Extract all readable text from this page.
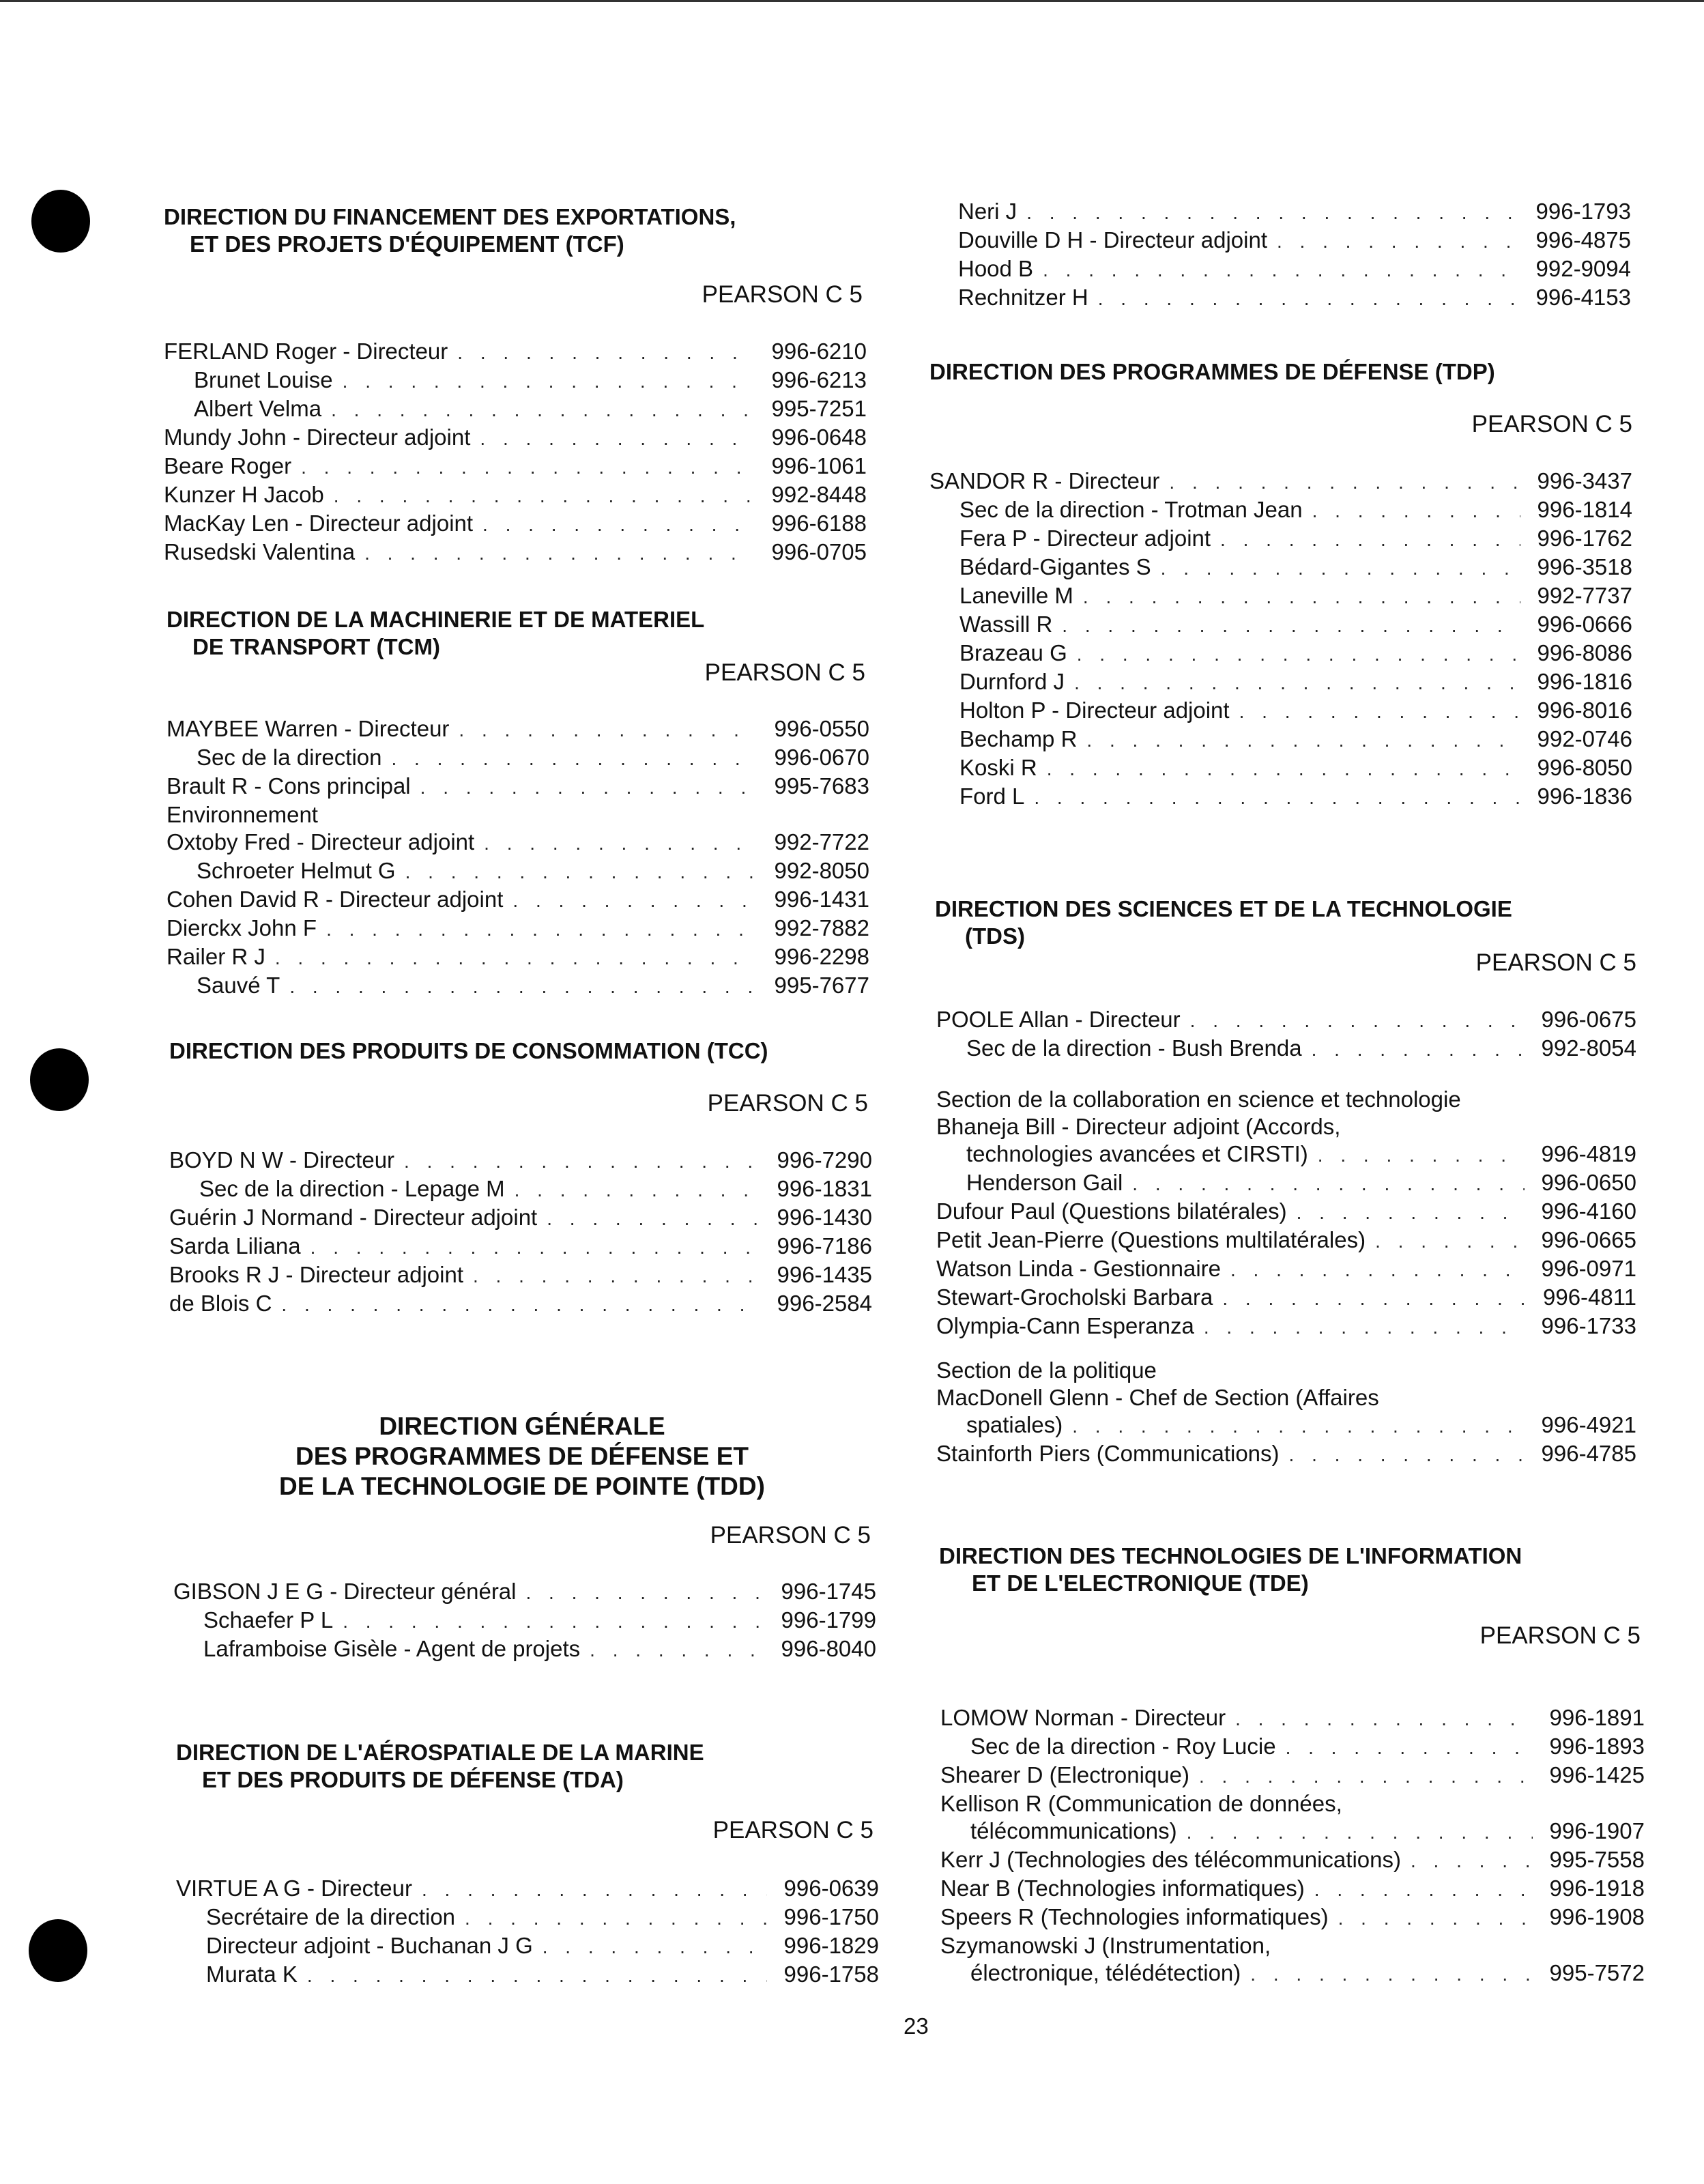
DIRECTION DU FINANCEMENT DES EXPORTATIONS,
ET DES PROJETS D'ÉQUIPEMENT (TCF)
PEARSON C 5
FERLAND Roger - Directeur . . .	996-6210
Brunet Louise . . .	996-6213
Albert Velma . . .	995-7251
Mundy John - Directeur adjoint . . .	996-0648
Beare Roger . . .	996-1061
Kunzer H Jacob . . .	992-8448
MacKay Len - Directeur adjoint . . .	996-6188
Rusedski Valentina . . .	996-0705
DIRECTION DE LA MACHINERIE ET DE MATERIEL
DE TRANSPORT (TCM)
PEARSON C 5
MAYBEE Warren - Directeur . . .	996-0550
Sec de la direction . . .	996-0670
Brault R - Cons principal . . .	995-7683
Environnement
Oxtoby Fred - Directeur adjoint . . .	992-7722
Schroeter Helmut G . . .	992-8050
Cohen David R - Directeur adjoint . . .	996-1431
Dierckx John F . . .	992-7882
Railer R J . . .	996-2298
Sauvé T . . .	995-7677
DIRECTION DES PRODUITS DE CONSOMMATION (TCC)
PEARSON C 5
BOYD N W - Directeur . . .	996-7290
Sec de la direction - Lepage M . . .	996-1831
Guérin J Normand - Directeur adjoint . . .	996-1430
Sarda Liliana . . .	996-7186
Brooks R J - Directeur adjoint . . .	996-1435
de Blois C . . .	996-2584
DIRECTION GÉNÉRALE
DES PROGRAMMES DE DÉFENSE ET
DE LA TECHNOLOGIE DE POINTE (TDD)
PEARSON C 5
GIBSON J E G - Directeur général . . .	996-1745
Schaefer P L . . .	996-1799
Laframboise Gisèle - Agent de projets . . .	996-8040
DIRECTION DE L'AÉROSPATIALE DE LA MARINE
ET DES PRODUITS DE DÉFENSE (TDA)
PEARSON C 5
VIRTUE A G - Directeur . . .	996-0639
Secrétaire de la direction . . .	996-1750
Directeur adjoint - Buchanan J G . . .	996-1829
Murata K . . .	996-1758
Neri J . . .	996-1793
Douville D H - Directeur adjoint . . .	996-4875
Hood B . . .	992-9094
Rechnitzer H . . .	996-4153
DIRECTION DES PROGRAMMES DE DÉFENSE (TDP)
PEARSON C 5
SANDOR R - Directeur . . .	996-3437
Sec de la direction - Trotman Jean . . .	996-1814
Fera P - Directeur adjoint . . .	996-1762
Bédard-Gigantes S . . .	996-3518
Laneville M . . .	992-7737
Wassill R . . .	996-0666
Brazeau G . . .	996-8086
Durnford J . . .	996-1816
Holton P - Directeur adjoint . . .	996-8016
Bechamp R . . .	992-0746
Koski R . . .	996-8050
Ford L . . .	996-1836
DIRECTION DES SCIENCES ET DE LA TECHNOLOGIE
(TDS)
PEARSON C 5
POOLE Allan - Directeur . . .	996-0675
Sec de la direction - Bush Brenda . . .	992-8054
Section de la collaboration en science et technologie
Bhaneja Bill - Directeur adjoint (Accords,
technologies avancées et CIRSTI) . . .	996-4819
Henderson Gail . . .	996-0650
Dufour Paul (Questions bilatérales) . . .	996-4160
Petit Jean-Pierre (Questions multilatérales) . . .	996-0665
Watson Linda - Gestionnaire . . .	996-0971
Stewart-Grocholski Barbara . . .	996-4811
Olympia-Cann Esperanza . . .	996-1733
Section de la politique
MacDonell Glenn - Chef de Section (Affaires
spatiales) . . .	996-4921
Stainforth Piers (Communications) . . .	996-4785
DIRECTION DES TECHNOLOGIES DE L'INFORMATION
ET DE L'ELECTRONIQUE (TDE)
PEARSON C 5
LOMOW Norman - Directeur . . .	996-1891
Sec de la direction - Roy Lucie . . .	996-1893
Shearer D (Electronique) . . .	996-1425
Kellison R (Communication de données,
télécommunications) . . .	996-1907
Kerr J (Technologies des télécommunications) . . .	995-7558
Near B (Technologies informatiques) . . .	996-1918
Speers R (Technologies informatiques) . . .	996-1908
Szymanowski J (Instrumentation,
électronique, télédétection) . . .	995-7572
23
